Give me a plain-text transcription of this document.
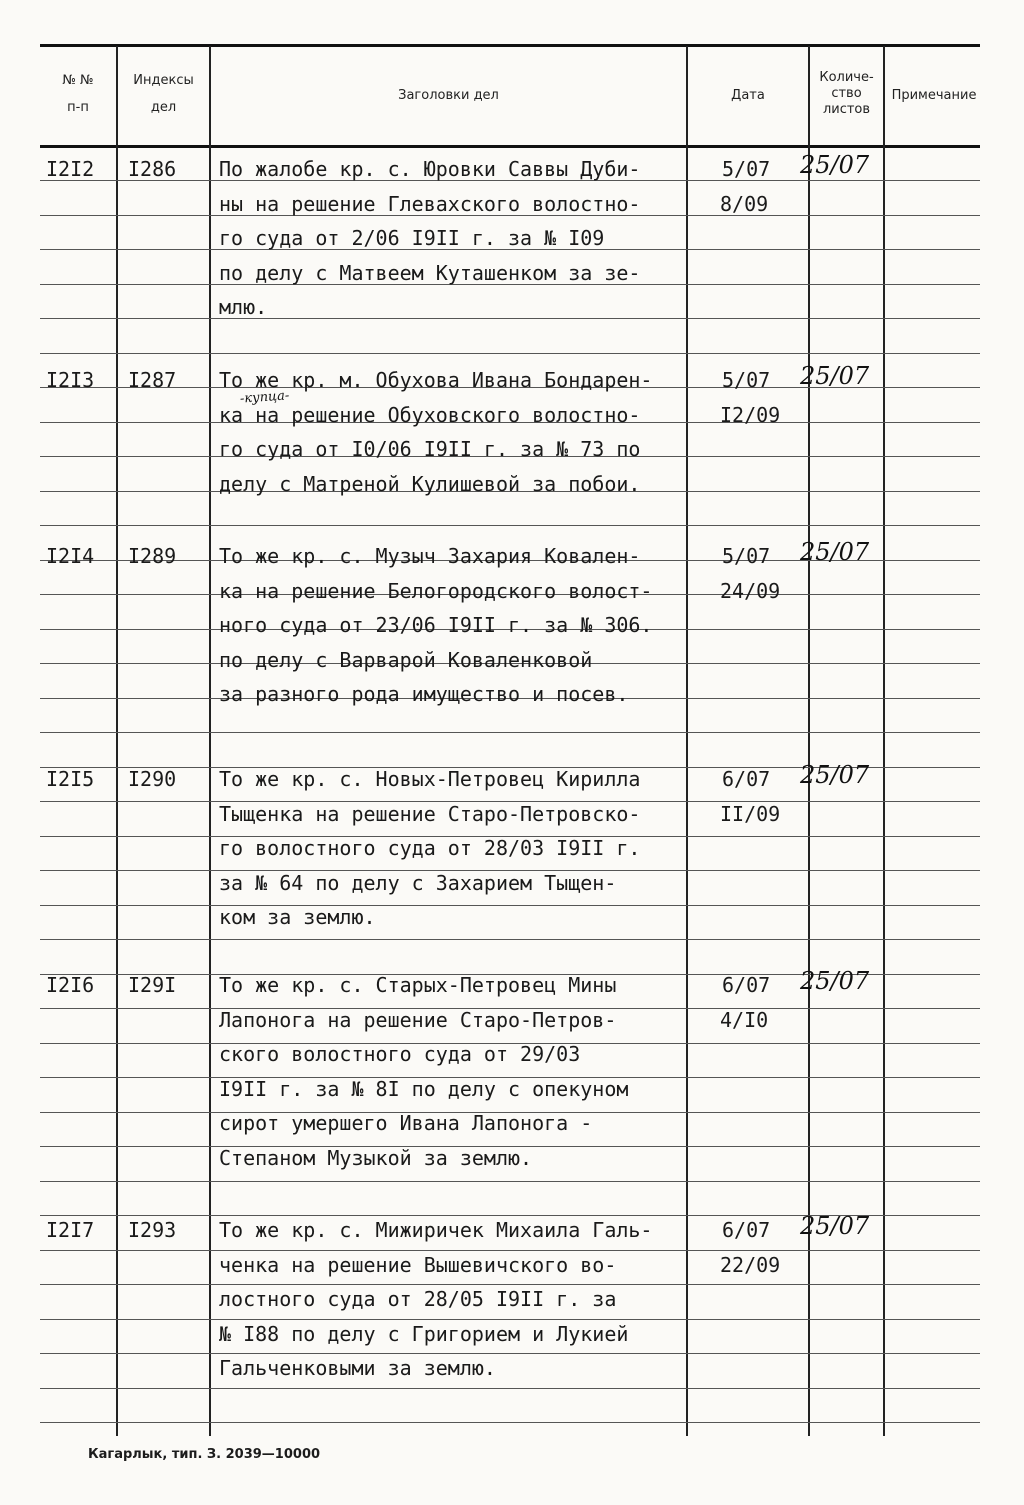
№ №
п-п
Индексы
дел
Заголовки дел	Дата
Количе-
ство
листов
Примечание
I2I2 I286 По жалобе кр. с. Юровки Саввы Дуби-
ны на решение Глевахского волостно-
го суда от 2/06 I9II г. за № I09
по делу с Матвеем Куташенком за зе-
млю.
5/07
8/09
25/07
I2I3 I287 То же кр. м. Обухова Ивана Бондарен-
ка на решение Обуховского волостно-
го суда от I0/06 I9II г. за № 73 по
делу с Матреной Кулишевой за побои.
5/07
I2/09
25/07
-купца-
I2I4 I289 То же кр. с. Музыч Захария Ковален-
ка на решение Белогородского волост-
ного суда от 23/06 I9II г. за № 306.
по делу с Варварой Коваленковой
за разного рода имущество и посев.
5/07
24/09
25/07
I2I5 I290 То же кр. с. Новых-Петровец Кирилла
Тыщенка на решение Старо-Петровско-
го волостного суда от 28/03 I9II г.
за № 64 по делу с Захарием Тыщен-
ком за землю.
6/07
II/09
25/07
I2I6 I29I То же кр. с. Старых-Петровец Мины
Лапонога на решение Старо-Петров-
ского волостного суда от 29/03
I9II г. за № 8I по делу с опекуном
сирот умершего Ивана Лапонога -
Степаном Музыкой за землю.
6/07
4/I0
25/07
I2I7 I293 То же кр. с. Мижиричек Михаила Галь-
ченка на решение Вышевичского во-
лостного суда от 28/05 I9II г. за
№ I88 по делу с Григорием и Лукией
Гальченковыми за землю.
6/07
22/09
25/07
Кагарлык, тип. З. 2039—10000
